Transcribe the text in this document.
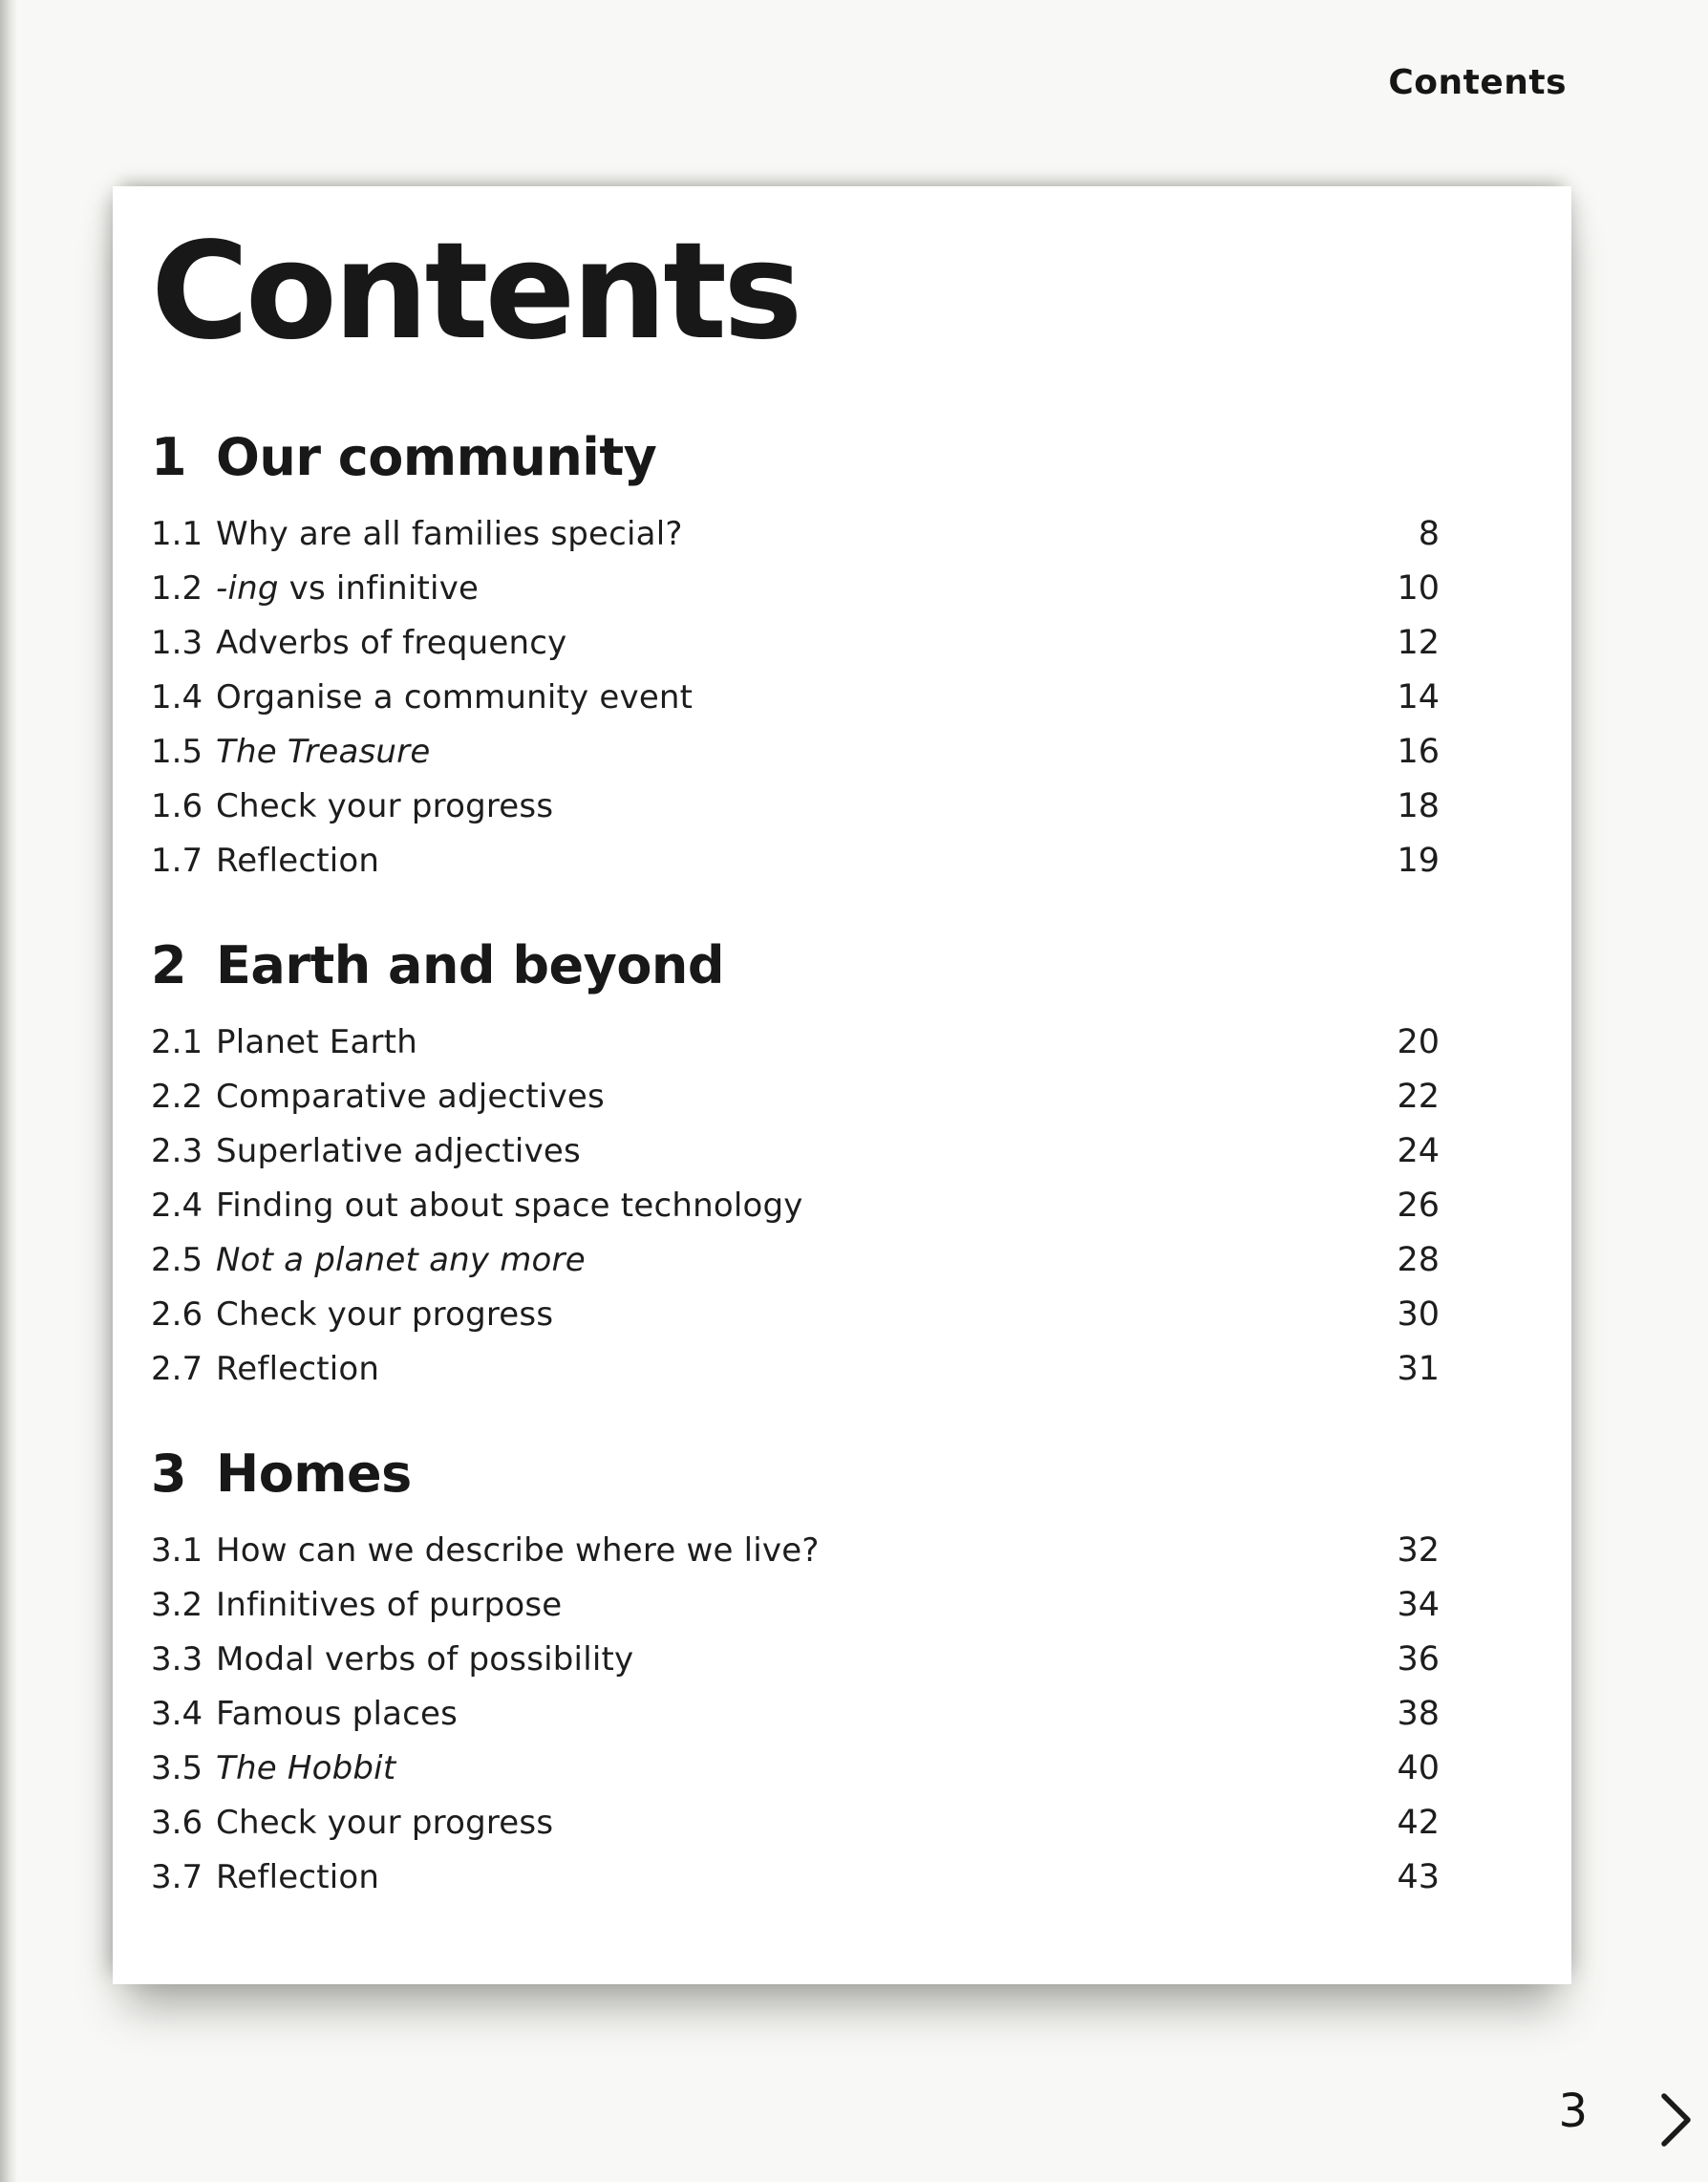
Contents
Contents
1 Our community
1.1 Why are all families special?	8
1.2 -ing vs infinitive	10
1.3 Adverbs of frequency	12
1.4 Organise a community event	14
1.5 The Treasure	16
1.6 Check your progress	18
1.7 Reflection	19
2 Earth and beyond
2.1 Planet Earth	20
2.2 Comparative adjectives	22
2.3 Superlative adjectives	24
2.4 Finding out about space technology	26
2.5 Not a planet any more	28
2.6 Check your progress	30
2.7 Reflection	31
3 Homes
3.1 How can we describe where we live?	32
3.2 Infinitives of purpose	34
3.3 Modal verbs of possibility	36
3.4 Famous places	38
3.5 The Hobbit	40
3.6 Check your progress	42
3.7 Reflection	43
3
